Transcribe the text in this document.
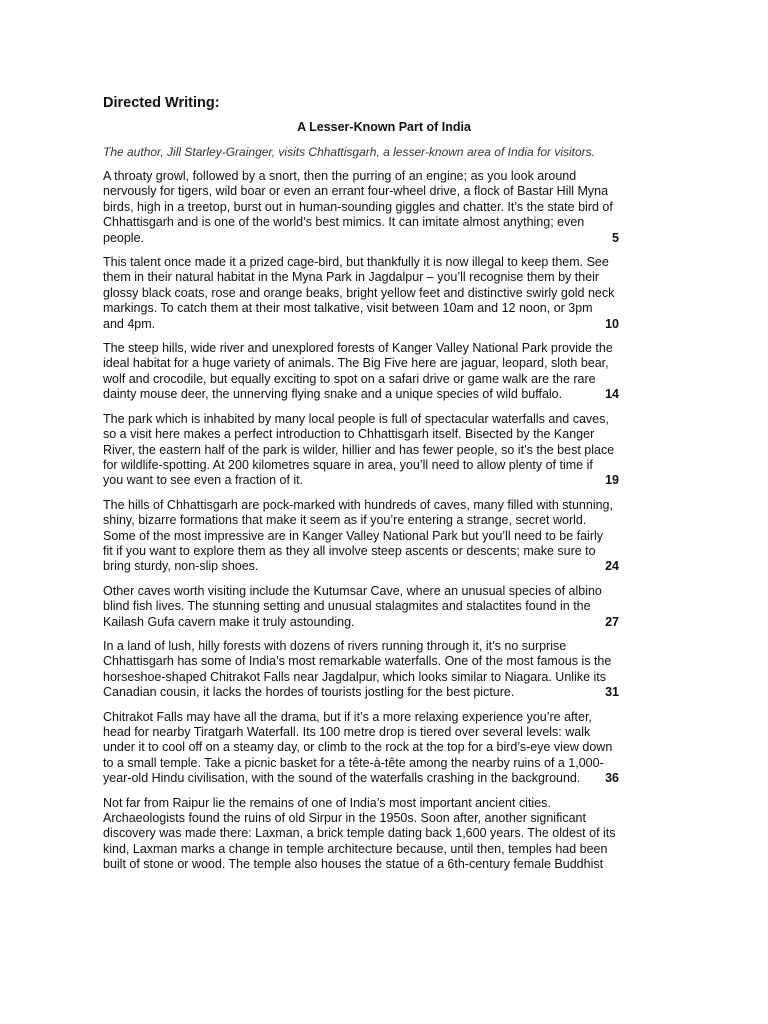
Directed Writing:
A Lesser-Known Part of India

The author, Jill Starley-Grainger, visits Chhattisgarh, a lesser-known area of India for visitors.

A throaty growl, followed by a snort, then the purring of an engine; as you look around
nervously for tigers, wild boar or even an errant four-wheel drive, a flock of Bastar Hill Myna
birds, high in a treetop, burst out in human-sounding giggles and chatter. It’s the state bird of
Chhattisgarh and is one of the world’s best mimics. It can imitate almost anything; even
people.	5

This talent once made it a prized cage-bird, but thankfully it is now illegal to keep them. See
them in their natural habitat in the Myna Park in Jagdalpur – you’ll recognise them by their
glossy black coats, rose and orange beaks, bright yellow feet and distinctive swirly gold neck
markings. To catch them at their most talkative, visit between 10am and 12 noon, or 3pm
and 4pm.	10

The steep hills, wide river and unexplored forests of Kanger Valley National Park provide the
ideal habitat for a huge variety of animals. The Big Five here are jaguar, leopard, sloth bear,
wolf and crocodile, but equally exciting to spot on a safari drive or game walk are the rare
dainty mouse deer, the unnerving flying snake and a unique species of wild buffalo.	14

The park which is inhabited by many local people is full of spectacular waterfalls and caves,
so a visit here makes a perfect introduction to Chhattisgarh itself. Bisected by the Kanger
River, the eastern half of the park is wilder, hillier and has fewer people, so it’s the best place
for wildlife-spotting. At 200 kilometres square in area, you’ll need to allow plenty of time if
you want to see even a fraction of it.	19

The hills of Chhattisgarh are pock-marked with hundreds of caves, many filled with stunning,
shiny, bizarre formations that make it seem as if you’re entering a strange, secret world.
Some of the most impressive are in Kanger Valley National Park but you’ll need to be fairly
fit if you want to explore them as they all involve steep ascents or descents; make sure to
bring sturdy, non-slip shoes.	24

Other caves worth visiting include the Kutumsar Cave, where an unusual species of albino
blind fish lives. The stunning setting and unusual stalagmites and stalactites found in the
Kailash Gufa cavern make it truly astounding.	27

In a land of lush, hilly forests with dozens of rivers running through it, it’s no surprise
Chhattisgarh has some of India’s most remarkable waterfalls. One of the most famous is the
horseshoe-shaped Chitrakot Falls near Jagdalpur, which looks similar to Niagara. Unlike its
Canadian cousin, it lacks the hordes of tourists jostling for the best picture.	31

Chitrakot Falls may have all the drama, but if it’s a more relaxing experience you’re after,
head for nearby Tiratgarh Waterfall. Its 100 metre drop is tiered over several levels: walk
under it to cool off on a steamy day, or climb to the rock at the top for a bird’s-eye view down
to a small temple. Take a picnic basket for a tête-à-tête among the nearby ruins of a 1,000-
year-old Hindu civilisation, with the sound of the waterfalls crashing in the background. 36

Not far from Raipur lie the remains of one of India’s most important ancient cities.
Archaeologists found the ruins of old Sirpur in the 1950s. Soon after, another significant
discovery was made there: Laxman, a brick temple dating back 1,600 years. The oldest of its
kind, Laxman marks a change in temple architecture because, until then, temples had been
built of stone or wood. The temple also houses the statue of a 6th-century female Buddhist
